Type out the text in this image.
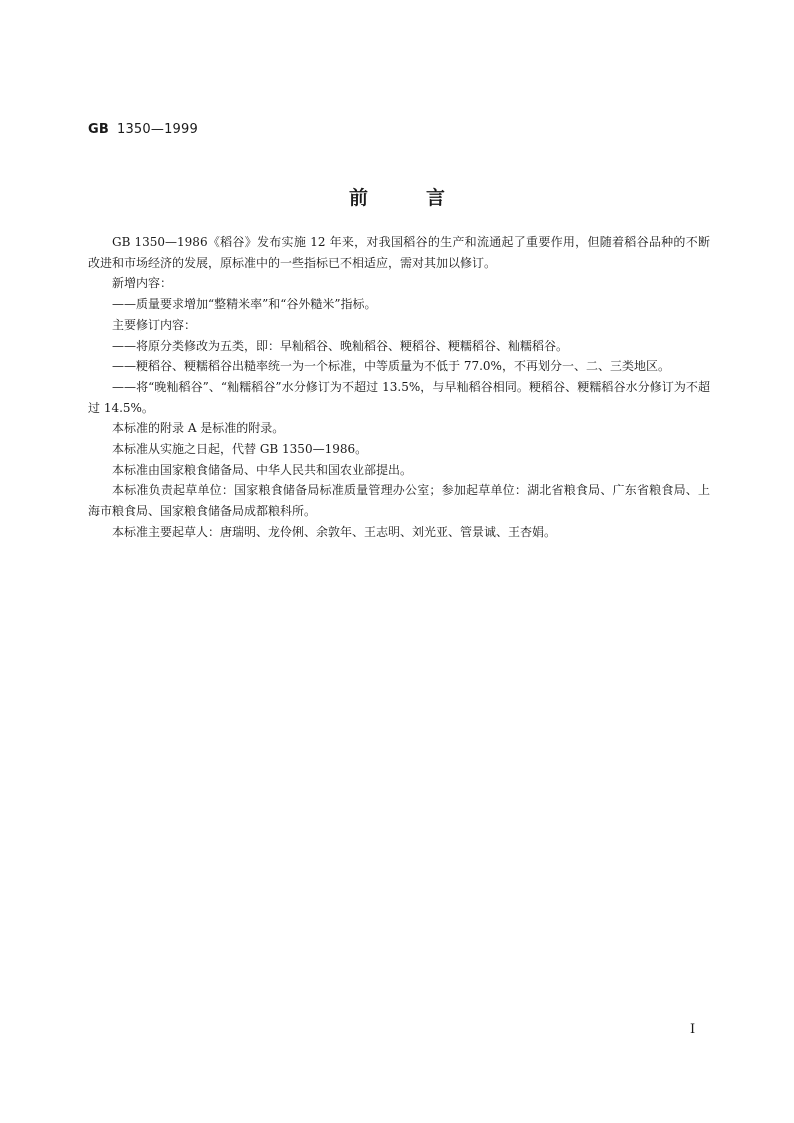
GB 1350—1999
前言

GB 1350—1986《稻谷》发布实施 12 年来，对我国稻谷的生产和流通起了重要作用，但随着稻谷品种的不断改进和市场经济的发展，原标准中的一些指标已不相适应，需对其加以修订。

新增内容：

——质量要求增加“整精米率”和“谷外糙米”指标。

主要修订内容：

——将原分类修改为五类，即：早籼稻谷、晚籼稻谷、粳稻谷、粳糯稻谷、籼糯稻谷。

——粳稻谷、粳糯稻谷出糙率统一为一个标准，中等质量为不低于 77.0%，不再划分一、二、三类地区。

——将“晚籼稻谷”、“籼糯稻谷”水分修订为不超过 13.5%，与早籼稻谷相同。粳稻谷、粳糯稻谷水分修订为不超过 14.5%。

本标准的附录 A 是标准的附录。

本标准从实施之日起，代替 GB 1350—1986。

本标准由国家粮食储备局、中华人民共和国农业部提出。

本标准负责起草单位：国家粮食储备局标准质量管理办公室；参加起草单位：湖北省粮食局、广东省粮食局、上海市粮食局、国家粮食储备局成都粮科所。

本标准主要起草人：唐瑞明、龙伶俐、余敦年、王志明、刘光亚、管景诚、王杏娟。

I
